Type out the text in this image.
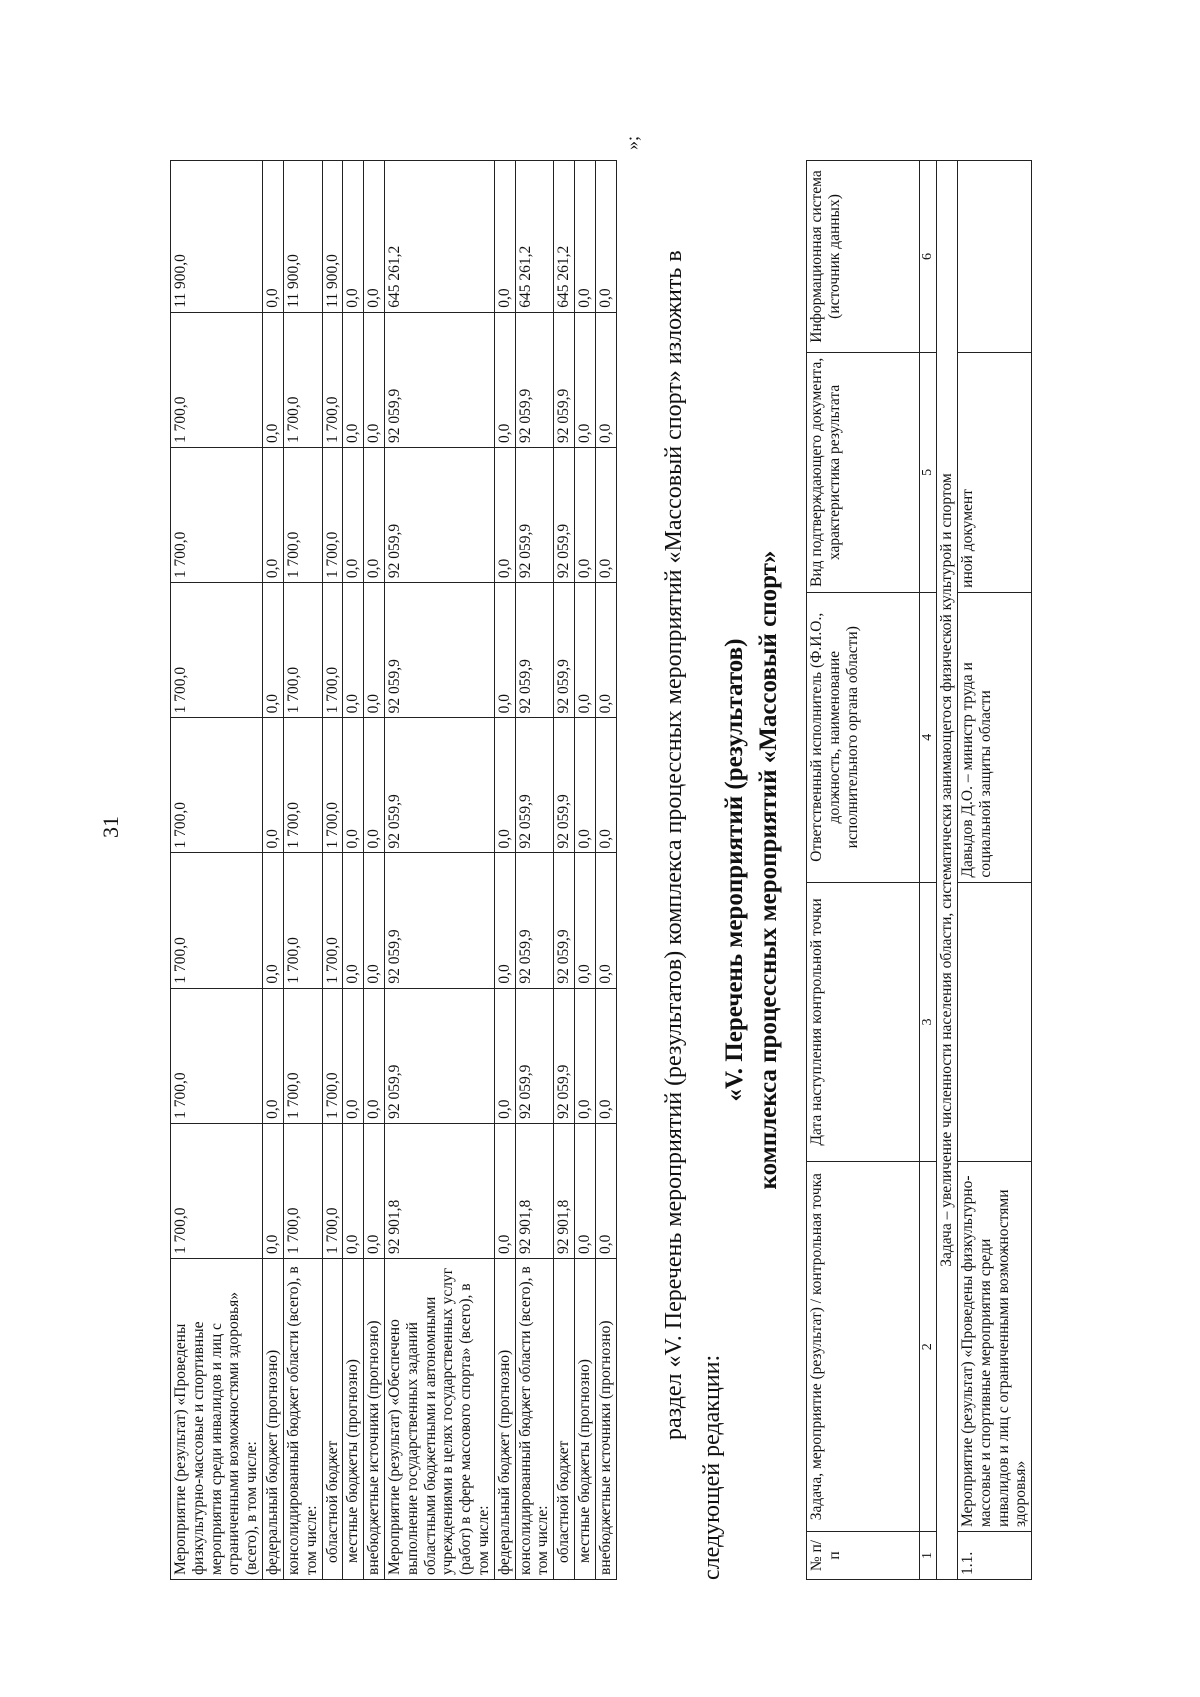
31
Мероприятие (результат) «Проведены физкультурно-массовые и спортивные мероприятия среди инвалидов и лиц с ограниченными возможностями здоровья» (всего), в том числе:	1 700,0	1 700,0	1 700,0	1 700,0	1 700,0	1 700,0	1 700,0	11 900,0
федеральный бюджет (прогнозно)	0,0	0,0	0,0	0,0	0,0	0,0	0,0	0,0
консолидированный бюджет области (всего), в том числе:	1 700,0	1 700,0	1 700,0	1 700,0	1 700,0	1 700,0	1 700,0	11 900,0
областной бюджет	1 700,0	1 700,0	1 700,0	1 700,0	1 700,0	1 700,0	1 700,0	11 900,0
местные бюджеты (прогнозно)	0,0	0,0	0,0	0,0	0,0	0,0	0,0	0,0
внебюджетные источники (прогнозно)	0,0	0,0	0,0	0,0	0,0	0,0	0,0	0,0
Мероприятие (результат) «Обеспечено выполнение государственных заданий областными бюджетными и автономными учреждениями в целях государственных услуг (работ) в сфере массового спорта» (всего), в том числе:	92 901,8	92 059,9	92 059,9	92 059,9	92 059,9	92 059,9	92 059,9	645 261,2
федеральный бюджет (прогнозно)	0,0	0,0	0,0	0,0	0,0	0,0	0,0	0,0
консолидированный бюджет области (всего), в том числе:	92 901,8	92 059,9	92 059,9	92 059,9	92 059,9	92 059,9	92 059,9	645 261,2
областной бюджет	92 901,8	92 059,9	92 059,9	92 059,9	92 059,9	92 059,9	92 059,9	645 261,2
местные бюджеты (прогнозно)	0,0	0,0	0,0	0,0	0,0	0,0	0,0	0,0
внебюджетные источники (прогнозно)	0,0	0,0	0,0	0,0	0,0	0,0	0,0	0,0
»;

раздел «V. Перечень мероприятий (результатов) комплекса процессных мероприятий «Массовый спорт» изложить в следующей редакции:

«V. Перечень мероприятий (результатов) комплекса процессных мероприятий «Массовый спорт»
№ п/п	Задача, мероприятие (результат) / контрольная точка	Дата наступления контрольной точки	Ответственный исполнитель (Ф.И.О., должность, наименование исполнительного органа области)	Вид подтверждающего документа, характеристика результата	Информационная система (источник данных)
1	2	3	4	5	6
Задача – увеличение численности населения области, систематически занимающегося физической культурой и спортом					
1.1.	Мероприятие (результат) «Проведены физкультурно-массовые и спортивные мероприятия среди инвалидов и лиц с ограниченными возможностями здоровья»		Давыдов Д.О. – министр труда и социальной защиты области	иной документ	
